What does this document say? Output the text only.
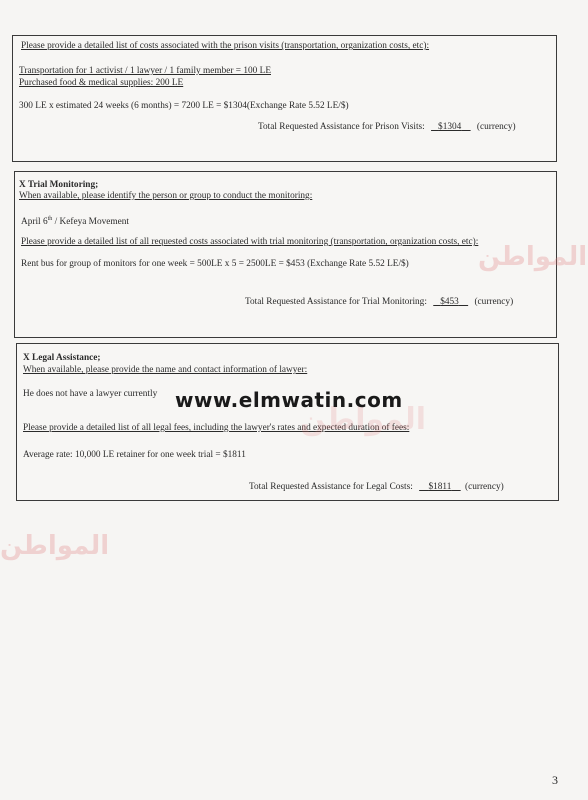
Please provide a detailed list of costs associated with the prison visits (transportation, organization costs, etc):
Transportation for 1 activist / 1 lawyer / 1 family member = 100 LE
Purchased food & medical supplies: 200 LE
300 LE x estimated 24 weeks (6 months) = 7200 LE = $1304(Exchange Rate 5.52 LE/$)
Total Requested Assistance for Prison Visits: $1304 (currency)
X Trial Monitoring;
When available, please identify the person or group to conduct the monitoring:
April 6th / Kefeya Movement
Please provide a detailed list of all requested costs associated with trial monitoring (transportation, organization costs, etc):
Rent bus for group of monitors for one week = 500LE x 5 = 2500LE = $453 (Exchange Rate 5.52 LE/$)
Total Requested Assistance for Trial Monitoring: $453 (currency)
X Legal Assistance;
When available, please provide the name and contact information of lawyer:
He does not have a lawyer currently
Please provide a detailed list of all legal fees, including the lawyer's rates and expected duration of fees:
Average rate: 10,000 LE retainer for one week trial = $1811
Total Requested Assistance for Legal Costs: $1811 (currency)
المواطن
المواطن
المواطن
www.elmwatin.com
3
